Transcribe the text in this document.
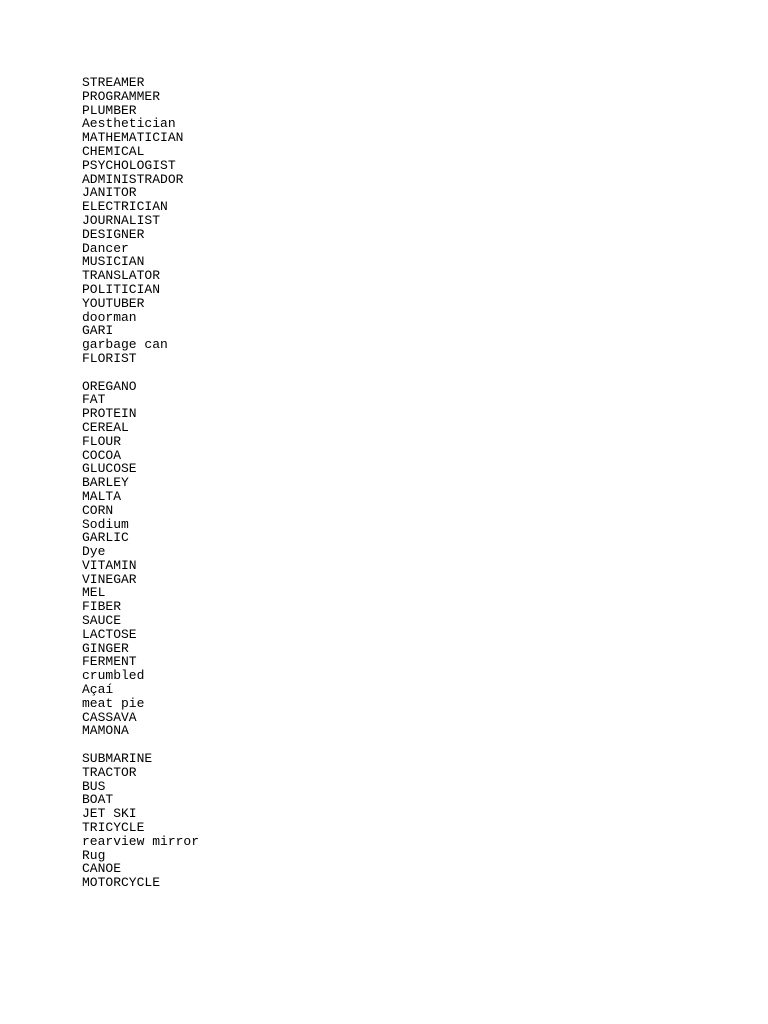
STREAMER
PROGRAMMER
PLUMBER
Aesthetician
MATHEMATICIAN
CHEMICAL
PSYCHOLOGIST
ADMINISTRADOR
JANITOR
ELECTRICIAN
JOURNALIST
DESIGNER
Dancer
MUSICIAN
TRANSLATOR
POLITICIAN
YOUTUBER
doorman
GARI
garbage can
FLORIST
OREGANO
FAT
PROTEIN
CEREAL
FLOUR
COCOA
GLUCOSE
BARLEY
MALTA
CORN
Sodium
GARLIC
Dye
VITAMIN
VINEGAR
MEL
FIBER
SAUCE
LACTOSE
GINGER
FERMENT
crumbled
Açaí
meat pie
CASSAVA
MAMONA
SUBMARINE
TRACTOR
BUS
BOAT
JET SKI
TRICYCLE
rearview mirror
Rug
CANOE
MOTORCYCLE
